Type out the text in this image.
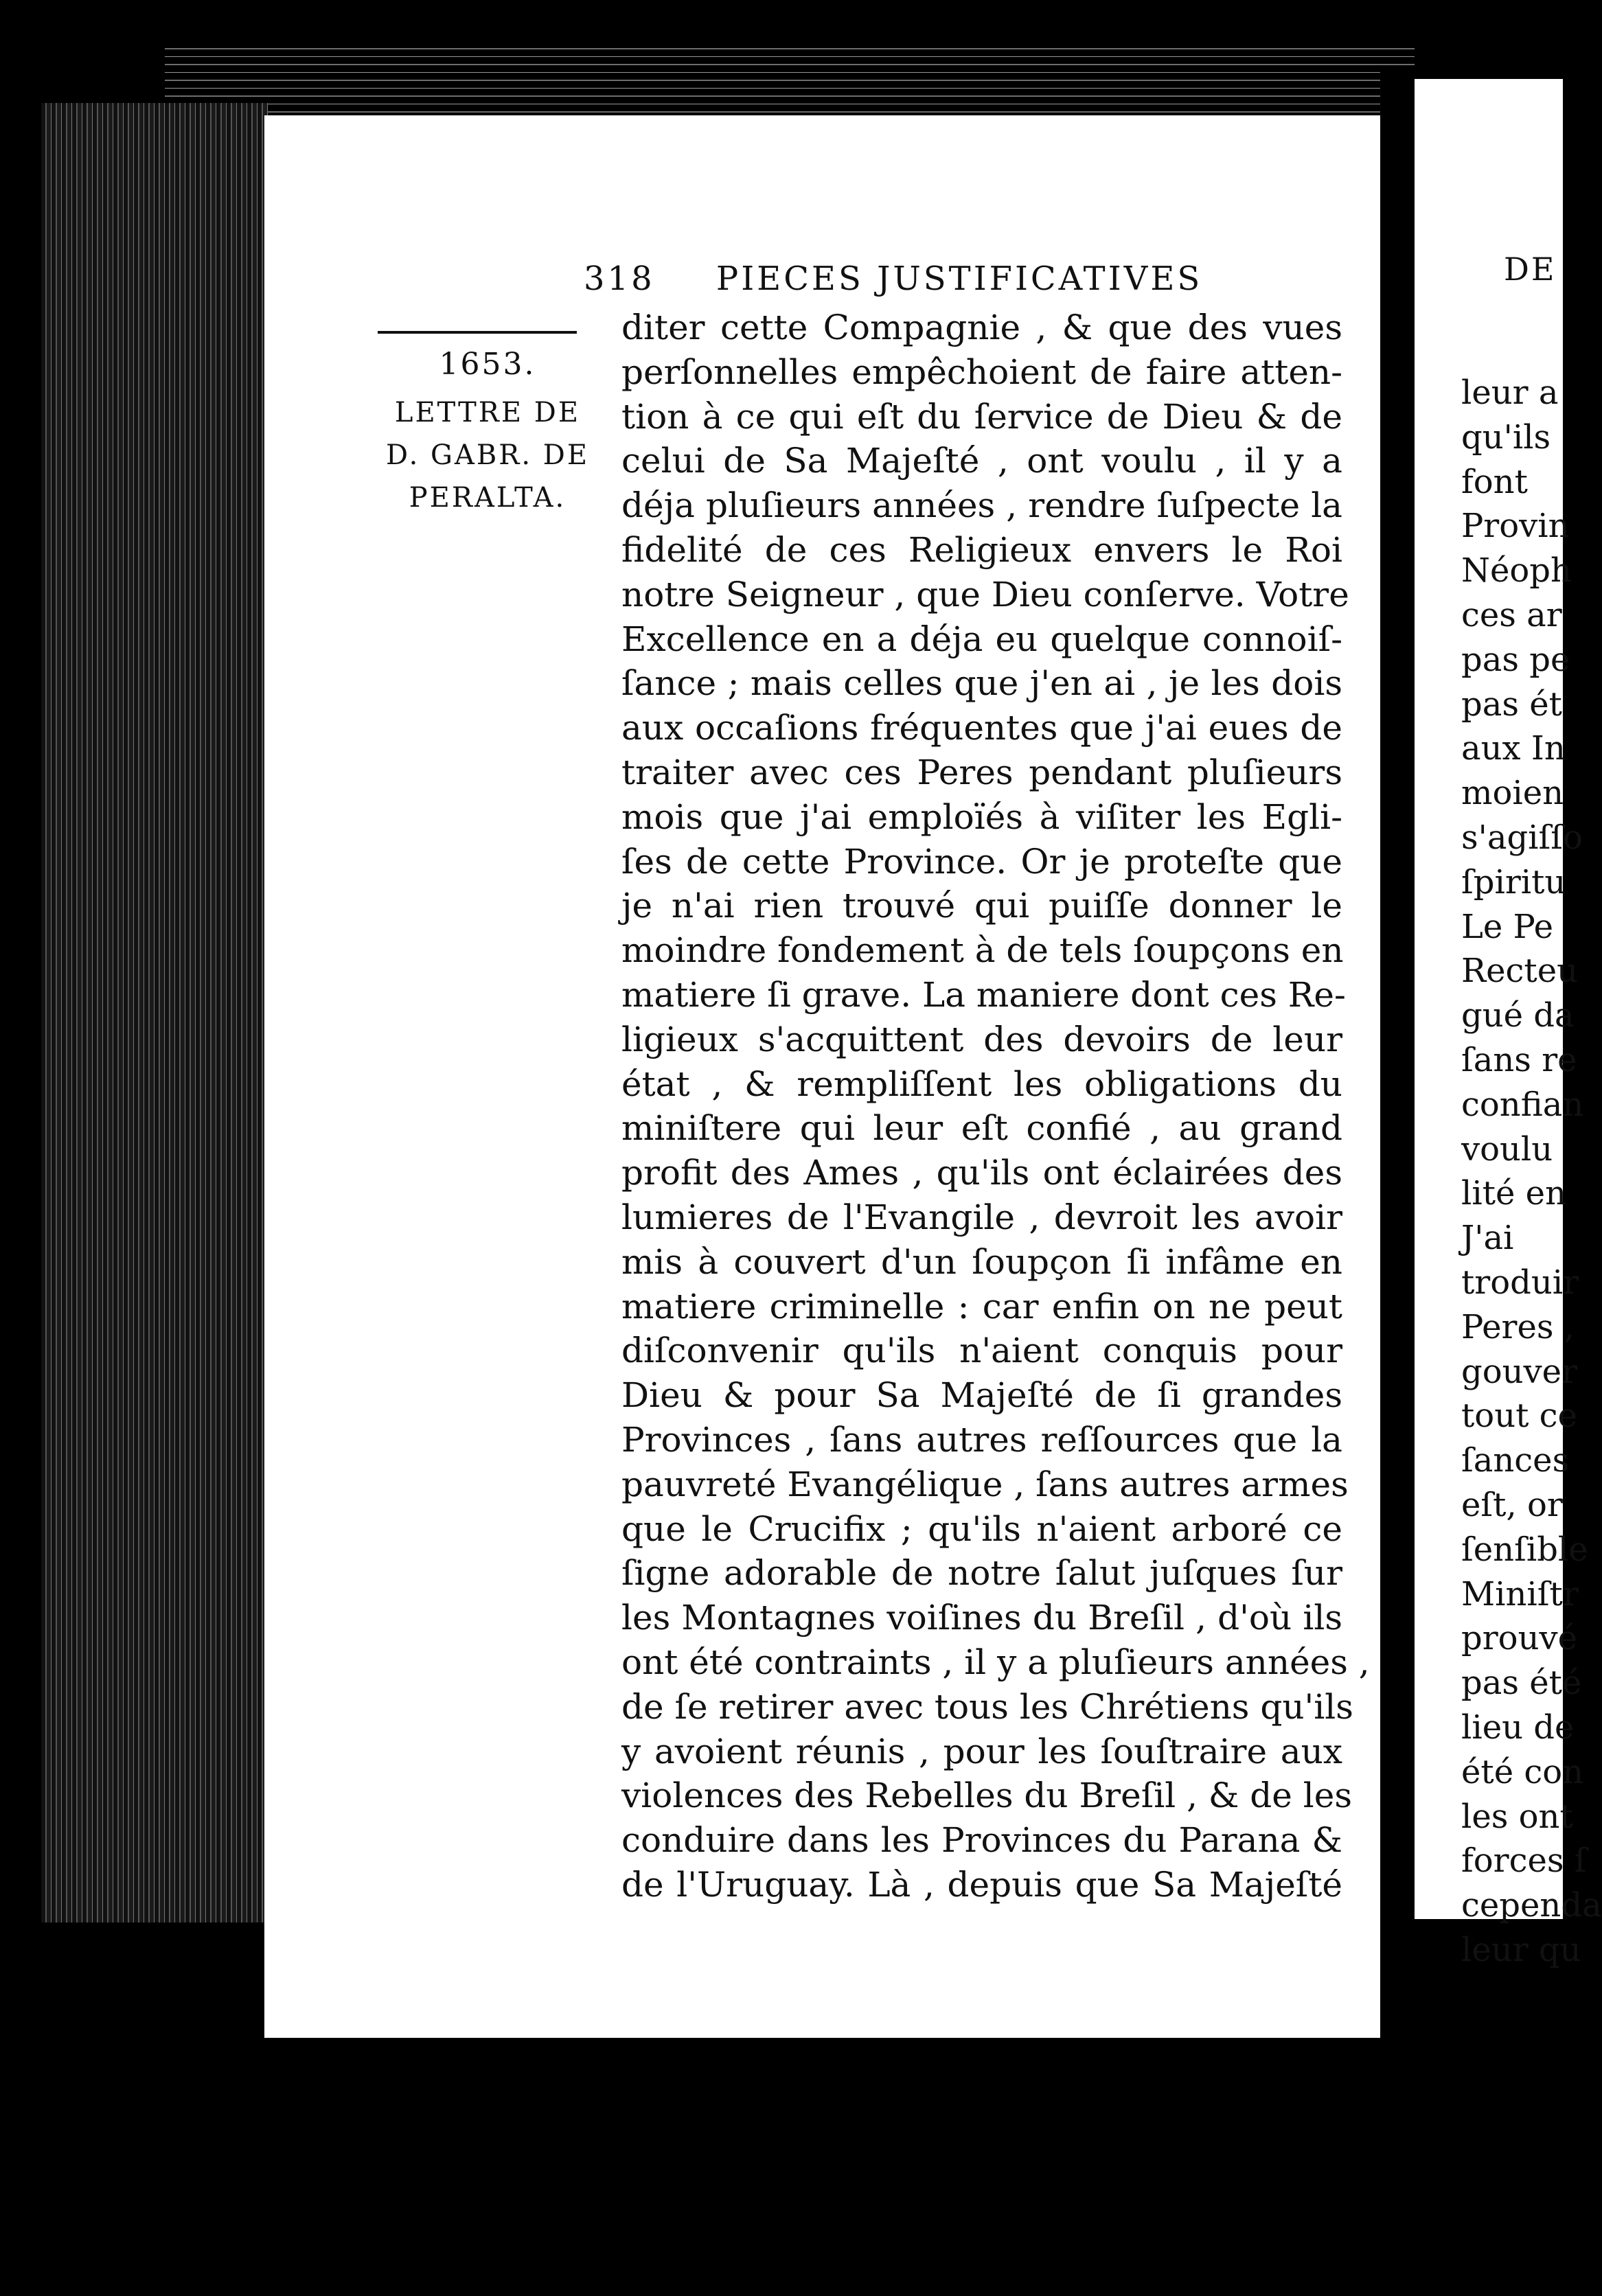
DE
leur a
qu'ils
font
Provin
Néoph
ces ar
pas pe
pas ét
aux In
moien
s'agiſſo
ſpiritu
Le Pe
Recteu
gué da
ſans re
confian
voulu
lité en
J'ai
troduir
Peres ,
gouver
tout ce
ſances
eſt, or
ſenſible
Miniſtr
prouvé
pas été
lieu de
été con
les ont
forces ſ
cependa
leur qu
318 PIECES JUSTIFICATIVES
1653.
LETTRE DE
D. GABR. DE
PERALTA.
diter cette Compagnie , & que des vues
perſonnelles empêchoient de faire atten-
tion à ce qui eſt du ſervice de Dieu & de
celui de Sa Majeſté , ont voulu , il y a
déja pluſieurs années , rendre ſuſpecte la
fidelité de ces Religieux envers le Roi
notre Seigneur , que Dieu conſerve. Votre
Excellence en a déja eu quelque connoiſ-
ſance ; mais celles que j'en ai , je les dois
aux occaſions fréquentes que j'ai eues de
traiter avec ces Peres pendant pluſieurs
mois que j'ai emploïés à viſiter les Egli-
ſes de cette Province. Or je proteſte que
je n'ai rien trouvé qui puiſſe donner le
moindre fondement à de tels ſoupçons en
matiere ſi grave. La maniere dont ces Re-
ligieux s'acquittent des devoirs de leur
état , & rempliſſent les obligations du
miniſtere qui leur eſt confié , au grand
profit des Ames , qu'ils ont éclairées des
lumieres de l'Evangile , devroit les avoir
mis à couvert d'un ſoupçon ſi infâme en
matiere criminelle : car enfin on ne peut
diſconvenir qu'ils n'aient conquis pour
Dieu & pour Sa Majeſté de ſi grandes
Provinces , ſans autres reſſources que la
pauvreté Evangélique , ſans autres armes
que le Crucifix ; qu'ils n'aient arboré ce
ſigne adorable de notre ſalut juſques ſur
les Montagnes voiſines du Breſil , d'où ils
ont été contraints , il y a pluſieurs années ,
de ſe retirer avec tous les Chrétiens qu'ils
y avoient réunis , pour les ſouſtraire aux
violences des Rebelles du Breſil , & de les
conduire dans les Provinces du Parana &
de l'Uruguay. Là , depuis que Sa Majeſté
